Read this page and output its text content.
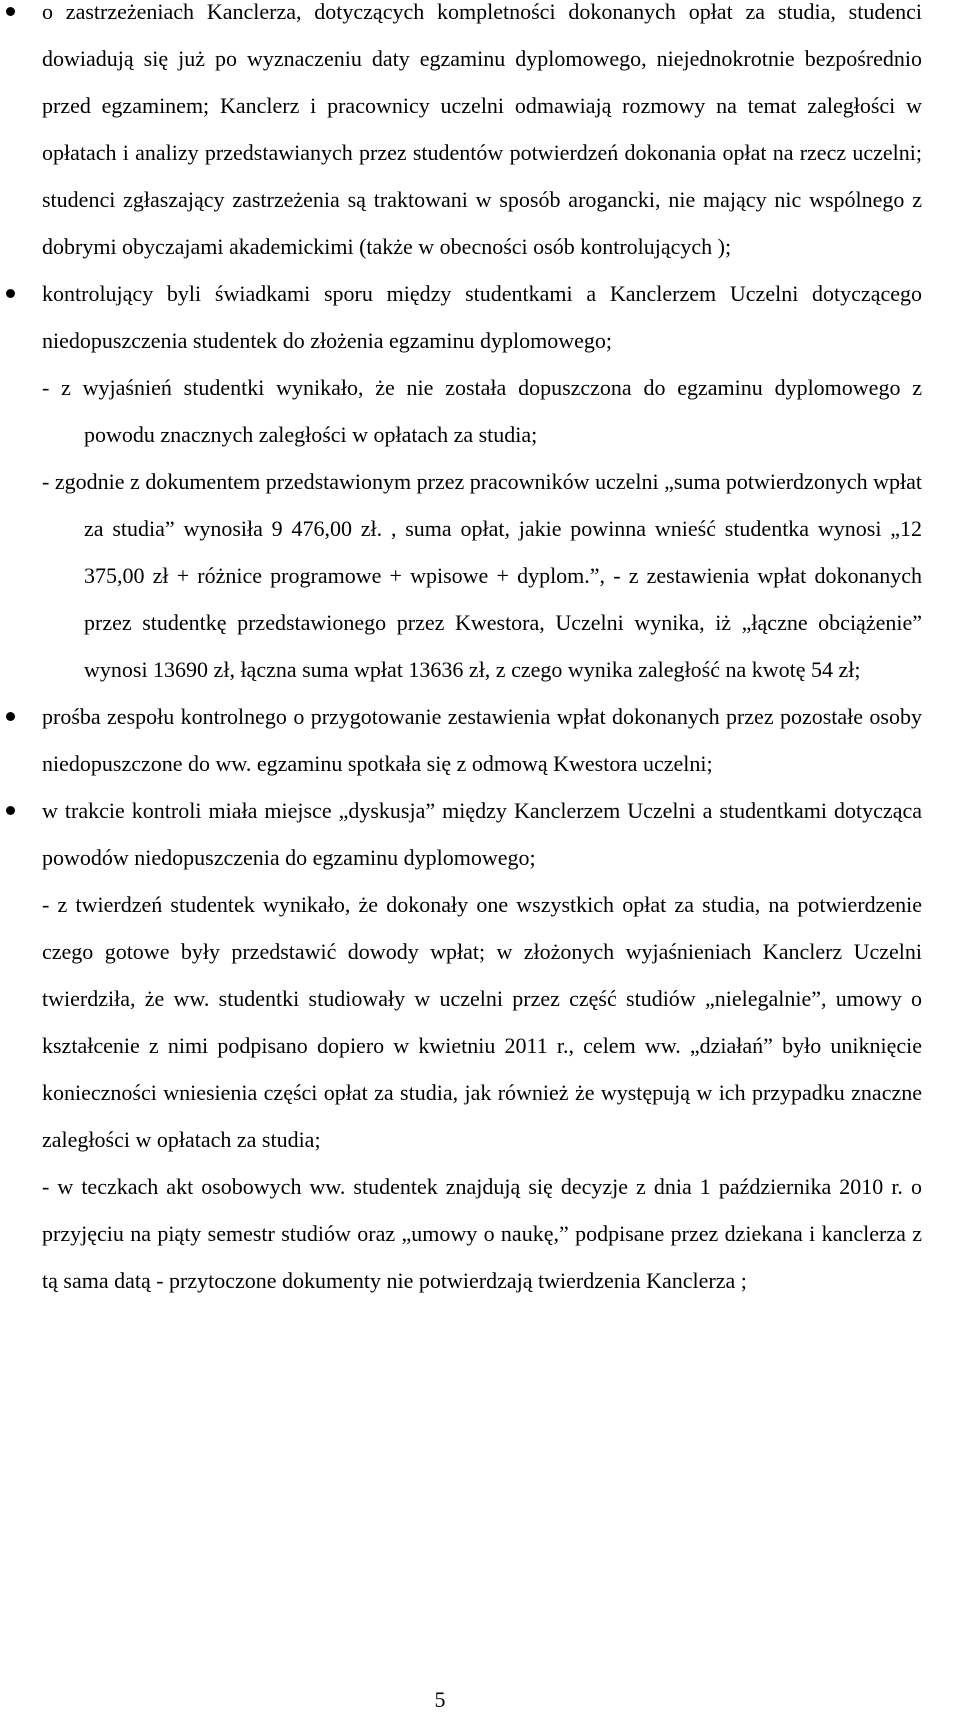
o zastrzeżeniach Kanclerza, dotyczących kompletności dokonanych opłat za studia, studenci dowiadują się już po wyznaczeniu daty egzaminu dyplomowego, niejednokrotnie bezpośrednio przed egzaminem; Kanclerz i pracownicy uczelni odmawiają rozmowy na temat zaległości w opłatach i analizy przedstawianych przez studentów potwierdzeń dokonania opłat na rzecz uczelni; studenci zgłaszający zastrzeżenia są traktowani w sposób arogancki, nie mający nic wspólnego z dobrymi obyczajami akademickimi (także w obecności osób kontrolujących );

kontrolujący byli świadkami sporu między studentkami a Kanclerzem Uczelni dotyczącego niedopuszczenia studentek do złożenia egzaminu dyplomowego;

- z wyjaśnień studentki wynikało, że nie została dopuszczona do egzaminu dyplomowego z powodu znacznych zaległości w opłatach za studia;

- zgodnie z dokumentem przedstawionym przez pracowników uczelni „suma potwierdzonych wpłat za studia” wynosiła 9 476,00 zł. , suma opłat, jakie powinna wnieść studentka wynosi „12 375,00 zł + różnice programowe + wpisowe + dyplom.”, - z zestawienia wpłat dokonanych przez studentkę przedstawionego przez Kwestora, Uczelni wynika, iż „łączne obciążenie” wynosi 13690 zł, łączna suma wpłat 13636 zł, z czego wynika zaległość na kwotę 54 zł;

prośba zespołu kontrolnego o przygotowanie zestawienia wpłat dokonanych przez pozostałe osoby niedopuszczone do ww. egzaminu spotkała się z odmową Kwestora uczelni;

w trakcie kontroli miała miejsce „dyskusja” między Kanclerzem Uczelni a studentkami dotycząca powodów niedopuszczenia do egzaminu dyplomowego;

- z twierdzeń studentek wynikało, że dokonały one wszystkich opłat za studia, na potwierdzenie czego gotowe były przedstawić dowody wpłat; w złożonych wyjaśnieniach Kanclerz Uczelni twierdziła, że ww. studentki studiowały w uczelni przez część studiów „nielegalnie”, umowy o kształcenie z nimi podpisano dopiero w kwietniu 2011 r., celem ww. „działań” było uniknięcie konieczności wniesienia części opłat za studia, jak również że występują w ich przypadku znaczne zaległości w opłatach za studia;

- w teczkach akt osobowych ww. studentek znajdują się decyzje z dnia 1 października 2010 r. o przyjęciu na piąty semestr studiów oraz „umowy o naukę,” podpisane przez dziekana i kanclerza z tą sama datą - przytoczone dokumenty nie potwierdzają twierdzenia Kanclerza ;

5
